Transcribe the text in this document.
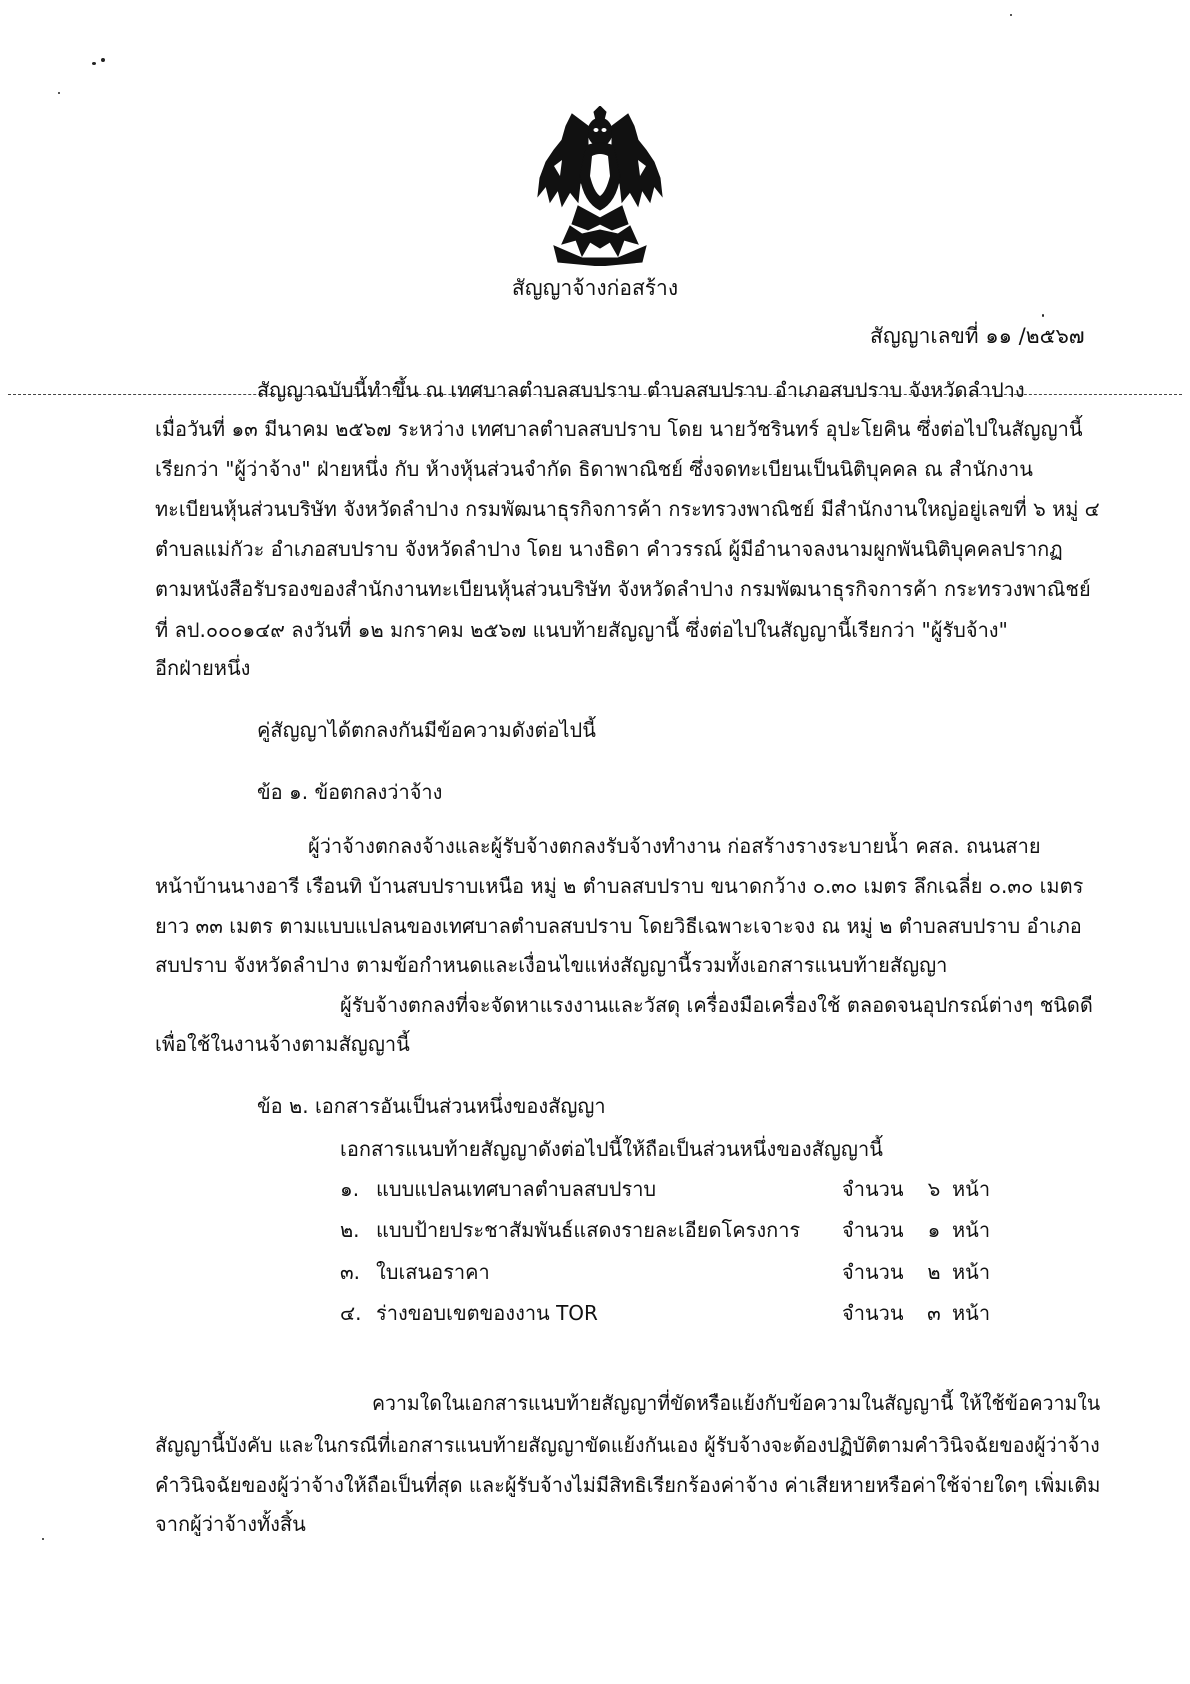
สัญญาจ้างก่อสร้าง
สัญญาเลขที่ ๑๑ /๒๕๖๗
สัญญาฉบับนี้ทำขึ้น ณ เทศบาลตำบลสบปราบ ตำบลสบปราบ อำเภอสบปราบ จังหวัดลำปาง
เมื่อวันที่ ๑๓ มีนาคม ๒๕๖๗ ระหว่าง เทศบาลตำบลสบปราบ โดย นายวัชรินทร์ อุปะโยคิน ซึ่งต่อไปในสัญญานี้
เรียกว่า "ผู้ว่าจ้าง" ฝ่ายหนึ่ง กับ ห้างหุ้นส่วนจำกัด ธิดาพาณิชย์ ซึ่งจดทะเบียนเป็นนิติบุคคล ณ สำนักงาน
ทะเบียนหุ้นส่วนบริษัท จังหวัดลำปาง กรมพัฒนาธุรกิจการค้า กระทรวงพาณิชย์ มีสำนักงานใหญ่อยู่เลขที่ ๖ หมู่ ๔
ตำบลแม่กัวะ อำเภอสบปราบ จังหวัดลำปาง โดย นางธิดา คำวรรณ์ ผู้มีอำนาจลงนามผูกพันนิติบุคคลปรากฏ
ตามหนังสือรับรองของสำนักงานทะเบียนหุ้นส่วนบริษัท จังหวัดลำปาง กรมพัฒนาธุรกิจการค้า กระทรวงพาณิชย์
ที่ ลป.๐๐๐๑๔๙ ลงวันที่ ๑๒ มกราคม ๒๕๖๗ แนบท้ายสัญญานี้ ซึ่งต่อไปในสัญญานี้เรียกว่า "ผู้รับจ้าง"
อีกฝ่ายหนึ่ง
คู่สัญญาได้ตกลงกันมีข้อความดังต่อไปนี้
ข้อ ๑. ข้อตกลงว่าจ้าง
ผู้ว่าจ้างตกลงจ้างและผู้รับจ้างตกลงรับจ้างทำงาน ก่อสร้างรางระบายน้ำ คสล. ถนนสาย
หน้าบ้านนางอารี เรือนทิ บ้านสบปราบเหนือ หมู่ ๒ ตำบลสบปราบ ขนาดกว้าง ๐.๓๐ เมตร ลึกเฉลี่ย ๐.๓๐ เมตร
ยาว ๓๓ เมตร ตามแบบแปลนของเทศบาลตำบลสบปราบ โดยวิธีเฉพาะเจาะจง ณ หมู่ ๒ ตำบลสบปราบ อำเภอ
สบปราบ จังหวัดลำปาง ตามข้อกำหนดและเงื่อนไขแห่งสัญญานี้รวมทั้งเอกสารแนบท้ายสัญญา
ผู้รับจ้างตกลงที่จะจัดหาแรงงานและวัสดุ เครื่องมือเครื่องใช้ ตลอดจนอุปกรณ์ต่างๆ ชนิดดี
เพื่อใช้ในงานจ้างตามสัญญานี้
ข้อ ๒. เอกสารอันเป็นส่วนหนึ่งของสัญญา
เอกสารแนบท้ายสัญญาดังต่อไปนี้ให้ถือเป็นส่วนหนึ่งของสัญญานี้
๑. แบบแปลนเทศบาลตำบลสบปราบ	จำนวน ๖ หน้า
๒. แบบป้ายประชาสัมพันธ์แสดงรายละเอียดโครงการ จำนวน ๑ หน้า
๓. ใบเสนอราคา	จำนวน ๒ หน้า
๔. ร่างขอบเขตของงาน TOR	จำนวน ๓ หน้า
ความใดในเอกสารแนบท้ายสัญญาที่ขัดหรือแย้งกับข้อความในสัญญานี้ ให้ใช้ข้อความใน
สัญญานี้บังคับ และในกรณีที่เอกสารแนบท้ายสัญญาขัดแย้งกันเอง ผู้รับจ้างจะต้องปฏิบัติตามคำวินิจฉัยของผู้ว่าจ้าง
คำวินิจฉัยของผู้ว่าจ้างให้ถือเป็นที่สุด และผู้รับจ้างไม่มีสิทธิเรียกร้องค่าจ้าง ค่าเสียหายหรือค่าใช้จ่ายใดๆ เพิ่มเติม
จากผู้ว่าจ้างทั้งสิ้น
